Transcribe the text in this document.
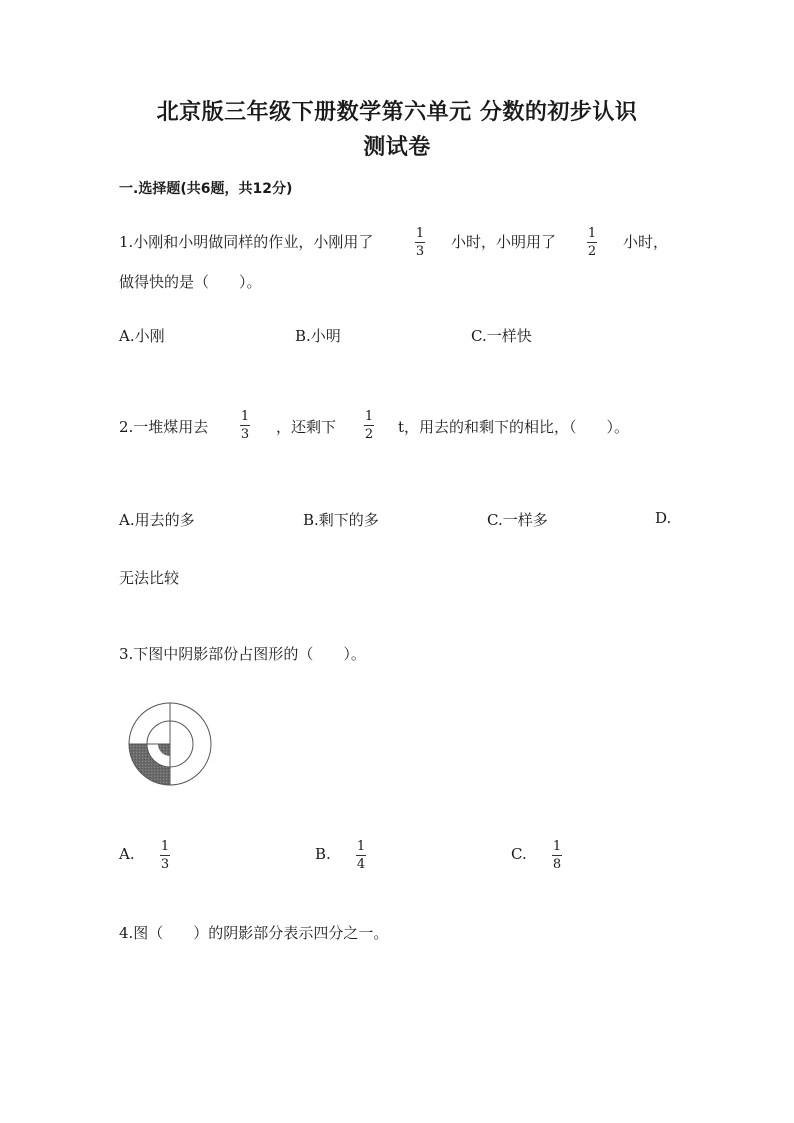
北京版三年级下册数学第六单元 分数的初步认识
测试卷
一.选择题(共6题，共12分)
1.小刚和小明做同样的作业，小刚用了	1
3
小时，小明用了 1
2
小时，
做得快的是（　　）。
A.小刚	B.小明	C.一样快
2.一堆煤用去
1
3 ，还剩下
1
2 t，用去的和剩下的相比，（　　）。
A.用去的多	B.剩下的多	C.一样多	D.
无法比较
3.下图中阴影部份占图形的（　　）。
A. 1
3
B. 1
4
C. 1
8
4.图（　　）的阴影部分表示四分之一。
